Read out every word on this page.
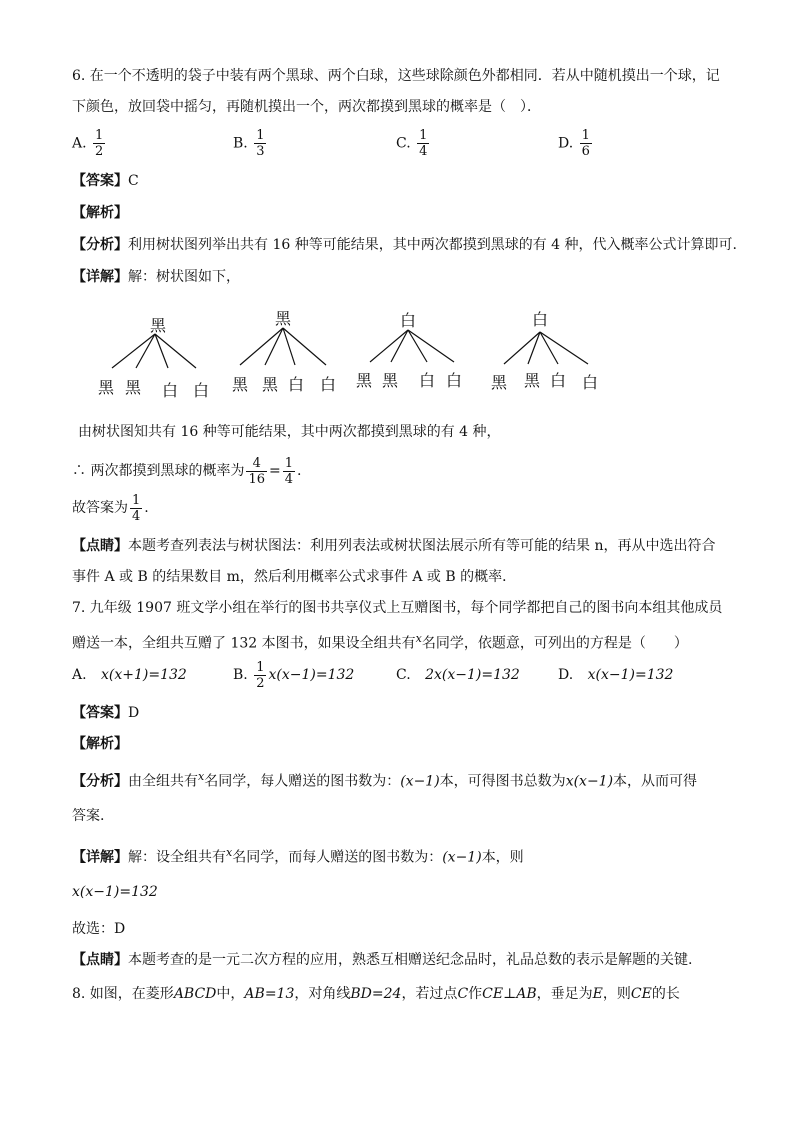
6. 在一个不透明的袋子中装有两个黑球、两个白球，这些球除颜色外都相同．若从中随机摸出一个球，记
下颜色，放回袋中摇匀，再随机摸出一个，两次都摸到黑球的概率是（　）．
A. $\frac{1}{2}$	B. $\frac{1}{3}$	C. $\frac{1}{4}$	D. $\frac{1}{6}$
【答案】C
【解析】
【分析】利用树状图列举出共有 16 种等可能结果，其中两次都摸到黑球的有 4 种，代入概率公式计算即可.
【详解】解：树状图如下，
黑
黑 黑 白 白
黑
黑 黑 白 白
白
黑 黑 白 白
白
黑 黑 白 白
由树状图知共有 16 种等可能结果，其中两次都摸到黑球的有 4 种，
∴ 两次都摸到黑球的概率为 $\frac{4}{16} = \frac{1}{4}$ .
故答案为 $\frac{1}{4}$ .
【点睛】本题考查列表法与树状图法：利用列表法或树状图法展示所有等可能的结果 n，再从中选出符合
事件 A 或 B 的结果数目 m，然后利用概率公式求事件 A 或 B 的概率．
7. 九年级 1907 班文学小组在举行的图书共享仪式上互赠图书，每个同学都把自己的图书向本组其他成员
赠送一本，全组共互赠了 132 本图书，如果设全组共有$^x$名同学，依题意，可列出的方程是（　　）
A. x(x+1)=132	B. $\frac{1}{2} x(x-1)=132$	C. 2x(x−1)=132	D. x(x−1)=132
【答案】D
【解析】
【分析】由全组共有$^x$名同学，每人赠送的图书数为：(x−1)本，可得图书总数为x(x−1)本，从而可得
答案.
【详解】解：设全组共有$^x$名同学，而每人赠送的图书数为：(x−1)本，则
x(x−1)=132
故选：D
【点睛】本题考查的是一元二次方程的应用，熟悉互相赠送纪念品时，礼品总数的表示是解题的关键.
8. 如图，在菱形ABCD中，AB=13，对角线BD=24，若过点C作CE⊥AB，垂足为E，则CE的长
